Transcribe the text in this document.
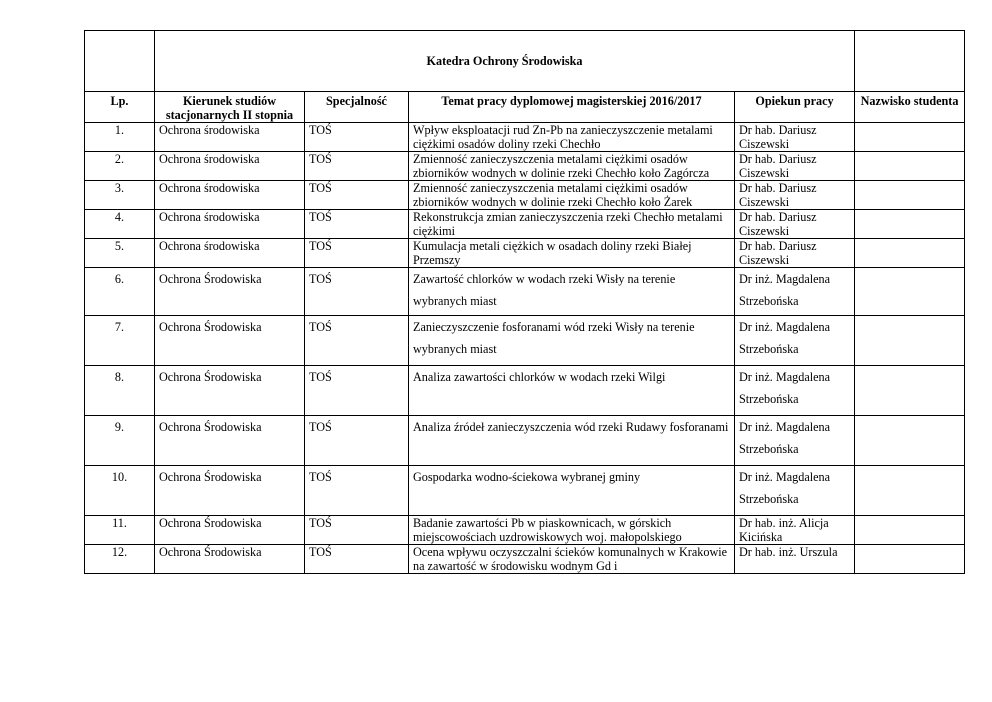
	Katedra Ochrony Środowiska				
Lp.	Kierunek studiów stacjonarnych II stopnia	Specjalność	Temat pracy dyplomowej magisterskiej 2016/2017	Opiekun pracy	Nazwisko studenta
1.	Ochrona środowiska	TOŚ	Wpływ eksploatacji rud Zn-Pb na zanieczyszczenie metalami ciężkimi osadów doliny rzeki Chechło	Dr hab. Dariusz Ciszewski	
2.	Ochrona środowiska	TOŚ	Zmienność zanieczyszczenia metalami ciężkimi osadów zbiorników wodnych w dolinie rzeki Chechło koło Zagórcza	Dr hab. Dariusz Ciszewski	
3.	Ochrona środowiska	TOŚ	Zmienność zanieczyszczenia metalami ciężkimi osadów zbiorników wodnych w dolinie rzeki Chechło koło Żarek	Dr hab. Dariusz Ciszewski	
4.	Ochrona środowiska	TOŚ	Rekonstrukcja zmian zanieczyszczenia rzeki Chechło metalami ciężkimi	Dr hab. Dariusz Ciszewski	
5.	Ochrona środowiska	TOŚ	Kumulacja metali ciężkich w osadach doliny rzeki Białej Przemszy	Dr hab. Dariusz Ciszewski	
6.	Ochrona Środowiska	TOŚ	Zawartość chlorków w wodach rzeki Wisły na terenie wybranych miast	Dr inż. Magdalena Strzebońska	
7.	Ochrona Środowiska	TOŚ	Zanieczyszczenie fosforanami wód rzeki Wisły na terenie wybranych miast	Dr inż. Magdalena Strzebońska	
8.	Ochrona Środowiska	TOŚ	Analiza zawartości chlorków w wodach rzeki Wilgi	Dr inż. Magdalena Strzebońska	
9.	Ochrona Środowiska	TOŚ	Analiza źródeł zanieczyszczenia wód rzeki Rudawy fosforanami	Dr inż. Magdalena Strzebońska	
10.	Ochrona Środowiska	TOŚ	Gospodarka wodno-ściekowa wybranej gminy	Dr inż. Magdalena Strzebońska	
11.	Ochrona Środowiska	TOŚ	Badanie zawartości Pb w piaskownicach, w górskich miejscowościach uzdrowiskowych woj. małopolskiego	Dr hab. inż. Alicja Kicińska	
12.	Ochrona Środowiska	TOŚ	Ocena wpływu oczyszczalni ścieków komunalnych w Krakowie na zawartość w środowisku wodnym Gd i	Dr hab. inż. Urszula	
